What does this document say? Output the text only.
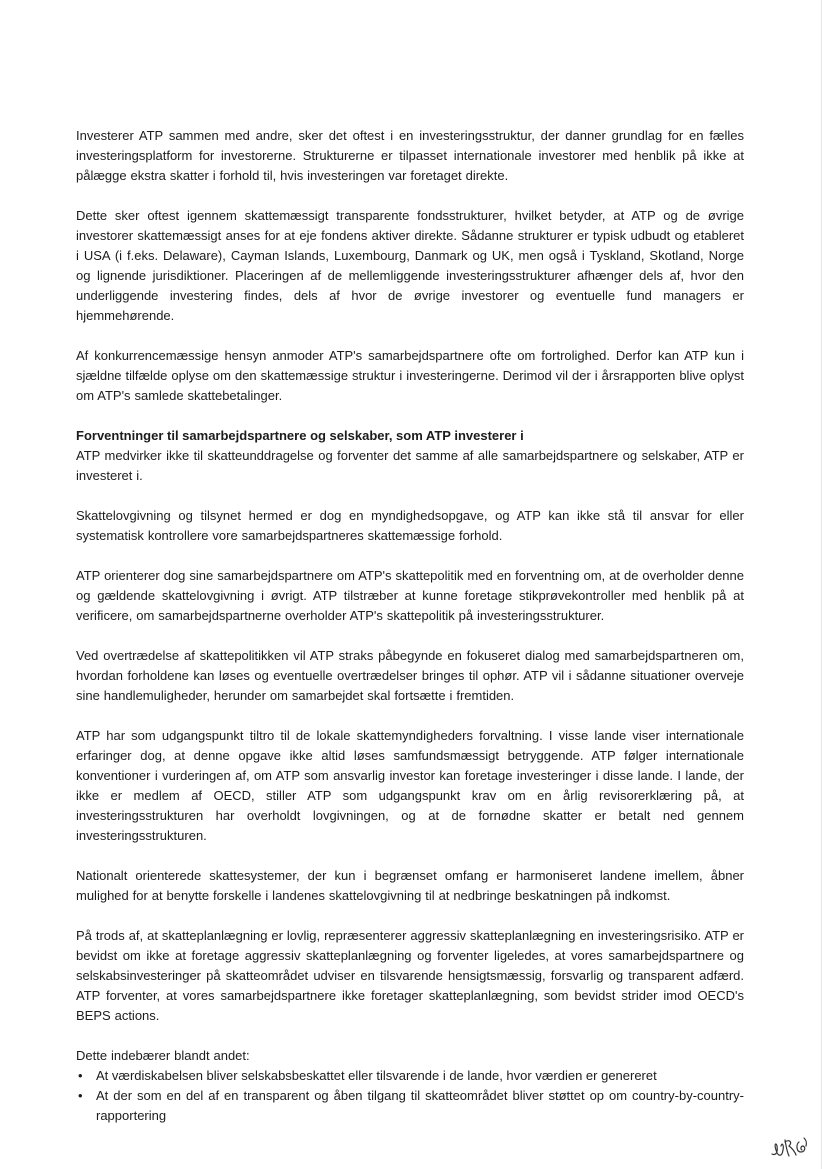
Investerer ATP sammen med andre, sker det oftest i en investeringsstruktur, der danner grundlag for en fælles investeringsplatform for investorerne. Strukturerne er tilpasset internationale investorer med henblik på ikke at pålægge ekstra skatter i forhold til, hvis investeringen var foretaget direkte.

Dette sker oftest igennem skattemæssigt transparente fondsstrukturer, hvilket betyder, at ATP og de øvrige investorer skattemæssigt anses for at eje fondens aktiver direkte. Sådanne strukturer er typisk udbudt og etableret i USA (i f.eks. Delaware), Cayman Islands, Luxembourg, Danmark og UK, men også i Tyskland, Skotland, Norge og lignende jurisdiktioner. Placeringen af de mellemliggende investeringsstrukturer afhænger dels af, hvor den underliggende investering findes, dels af hvor de øvrige investorer og eventuelle fund managers er hjemmehørende.

Af konkurrencemæssige hensyn anmoder ATP's samarbejdspartnere ofte om fortrolighed. Derfor kan ATP kun i sjældne tilfælde oplyse om den skattemæssige struktur i investeringerne. Derimod vil der i årsrapporten blive oplyst om ATP's samlede skattebetalinger.

Forventninger til samarbejdspartnere og selskaber, som ATP investerer i

ATP medvirker ikke til skatteunddragelse og forventer det samme af alle samarbejdspartnere og selskaber, ATP er investeret i.

Skattelovgivning og tilsynet hermed er dog en myndighedsopgave, og ATP kan ikke stå til ansvar for eller systematisk kontrollere vore samarbejdspartneres skattemæssige forhold.

ATP orienterer dog sine samarbejdspartnere om ATP's skattepolitik med en forventning om, at de overholder denne og gældende skattelovgivning i øvrigt. ATP tilstræber at kunne foretage stikprøvekontroller med henblik på at verificere, om samarbejdspartnerne overholder ATP's skattepolitik på investeringsstrukturer.

Ved overtrædelse af skattepolitikken vil ATP straks påbegynde en fokuseret dialog med samarbejdspartneren om, hvordan forholdene kan løses og eventuelle overtrædelser bringes til ophør. ATP vil i sådanne situationer overveje sine handlemuligheder, herunder om samarbejdet skal fortsætte i fremtiden.

ATP har som udgangspunkt tiltro til de lokale skattemyndigheders forvaltning. I visse lande viser internationale erfaringer dog, at denne opgave ikke altid løses samfundsmæssigt betryggende. ATP følger internationale konventioner i vurderingen af, om ATP som ansvarlig investor kan foretage investeringer i disse lande. I lande, der ikke er medlem af OECD, stiller ATP som udgangspunkt krav om en årlig revisorerklæring på, at investeringsstrukturen har overholdt lovgivningen, og at de fornødne skatter er betalt ned gennem investeringsstrukturen.

Nationalt orienterede skattesystemer, der kun i begrænset omfang er harmoniseret landene imellem, åbner mulighed for at benytte forskelle i landenes skattelovgivning til at nedbringe beskatningen på indkomst.

På trods af, at skatteplanlægning er lovlig, repræsenterer aggressiv skatteplanlægning en investeringsrisiko. ATP er bevidst om ikke at foretage aggressiv skatteplanlægning og forventer ligeledes, at vores samarbejdspartnere og selskabsinvesteringer på skatteområdet udviser en tilsvarende hensigtsmæssig, forsvarlig og transparent adfærd. ATP forventer, at vores samarbejdspartnere ikke foretager skatteplanlægning, som bevidst strider imod OECD's BEPS actions.

Dette indebærer blandt andet:

• At værdiskabelsen bliver selskabsbeskattet eller tilsvarende i de lande, hvor værdien er genereret
• At der som en del af en transparent og åben tilgang til skatteområdet bliver støttet op om country-by-country-rapportering
